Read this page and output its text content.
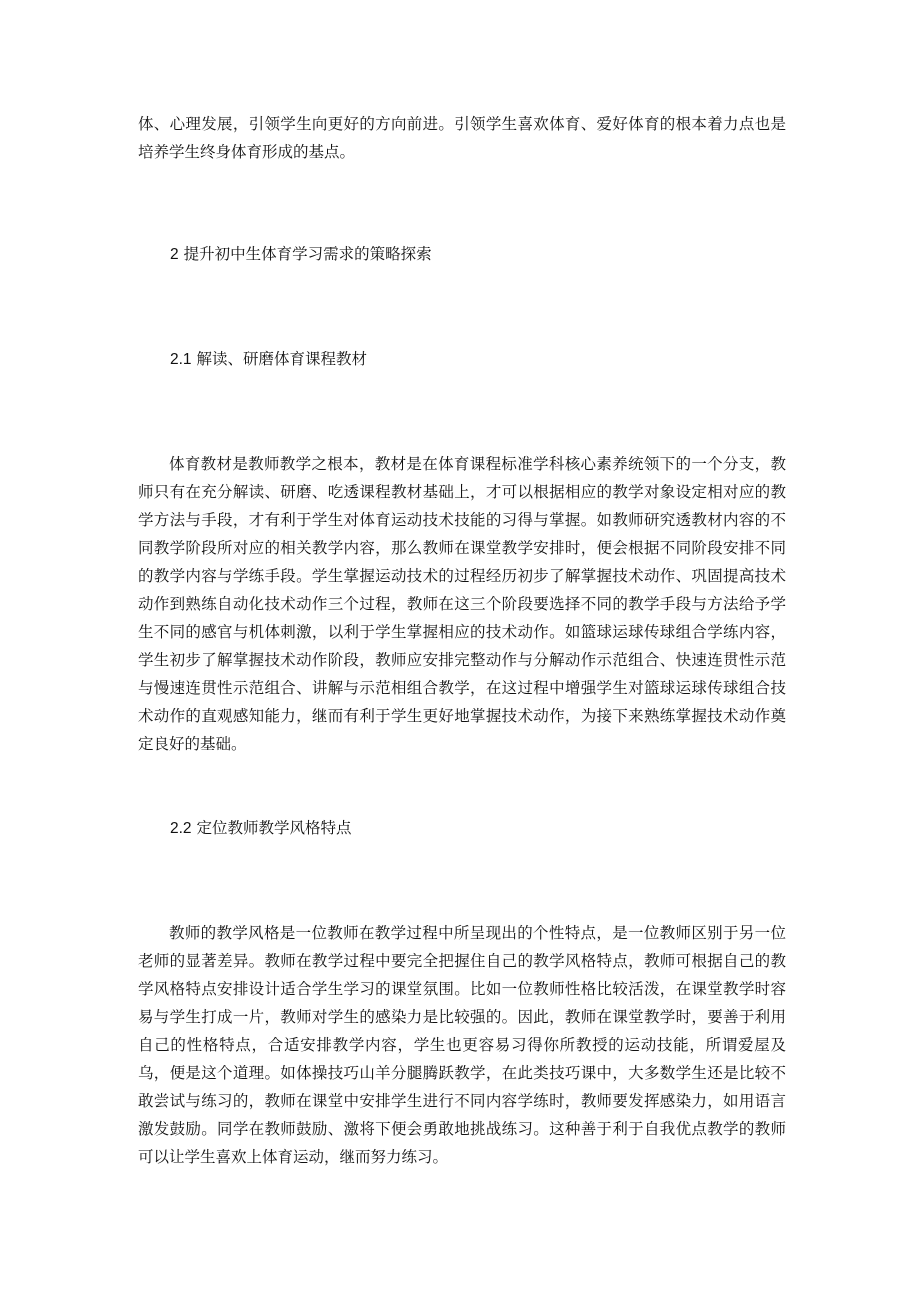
体、心理发展，引领学生向更好的方向前进。引领学生喜欢体育、爱好体育的根本着力点也是培养学生终身体育形成的基点。

2 提升初中生体育学习需求的策略探索

2.1 解读、研磨体育课程教材

体育教材是教师教学之根本，教材是在体育课程标准学科核心素养统领下的一个分支，教师只有在充分解读、研磨、吃透课程教材基础上，才可以根据相应的教学对象设定相对应的教学方法与手段，才有利于学生对体育运动技术技能的习得与掌握。如教师研究透教材内容的不同教学阶段所对应的相关教学内容，那么教师在课堂教学安排时，便会根据不同阶段安排不同的教学内容与学练手段。学生掌握运动技术的过程经历初步了解掌握技术动作、巩固提高技术动作到熟练自动化技术动作三个过程，教师在这三个阶段要选择不同的教学手段与方法给予学生不同的感官与机体刺激，以利于学生掌握相应的技术动作。如篮球运球传球组合学练内容，学生初步了解掌握技术动作阶段，教师应安排完整动作与分解动作示范组合、快速连贯性示范与慢速连贯性示范组合、讲解与示范相组合教学，在这过程中增强学生对篮球运球传球组合技术动作的直观感知能力，继而有利于学生更好地掌握技术动作，为接下来熟练掌握技术动作奠定良好的基础。

2.2 定位教师教学风格特点

教师的教学风格是一位教师在教学过程中所呈现出的个性特点，是一位教师区别于另一位老师的显著差异。教师在教学过程中要完全把握住自己的教学风格特点，教师可根据自己的教学风格特点安排设计适合学生学习的课堂氛围。比如一位教师性格比较活泼，在课堂教学时容易与学生打成一片，教师对学生的感染力是比较强的。因此，教师在课堂教学时，要善于利用自己的性格特点，合适安排教学内容，学生也更容易习得你所教授的运动技能，所谓爱屋及乌，便是这个道理。如体操技巧山羊分腿腾跃教学，在此类技巧课中，大多数学生还是比较不敢尝试与练习的，教师在课堂中安排学生进行不同内容学练时，教师要发挥感染力，如用语言激发鼓励。同学在教师鼓励、激将下便会勇敢地挑战练习。这种善于利于自我优点教学的教师可以让学生喜欢上体育运动，继而努力练习。
